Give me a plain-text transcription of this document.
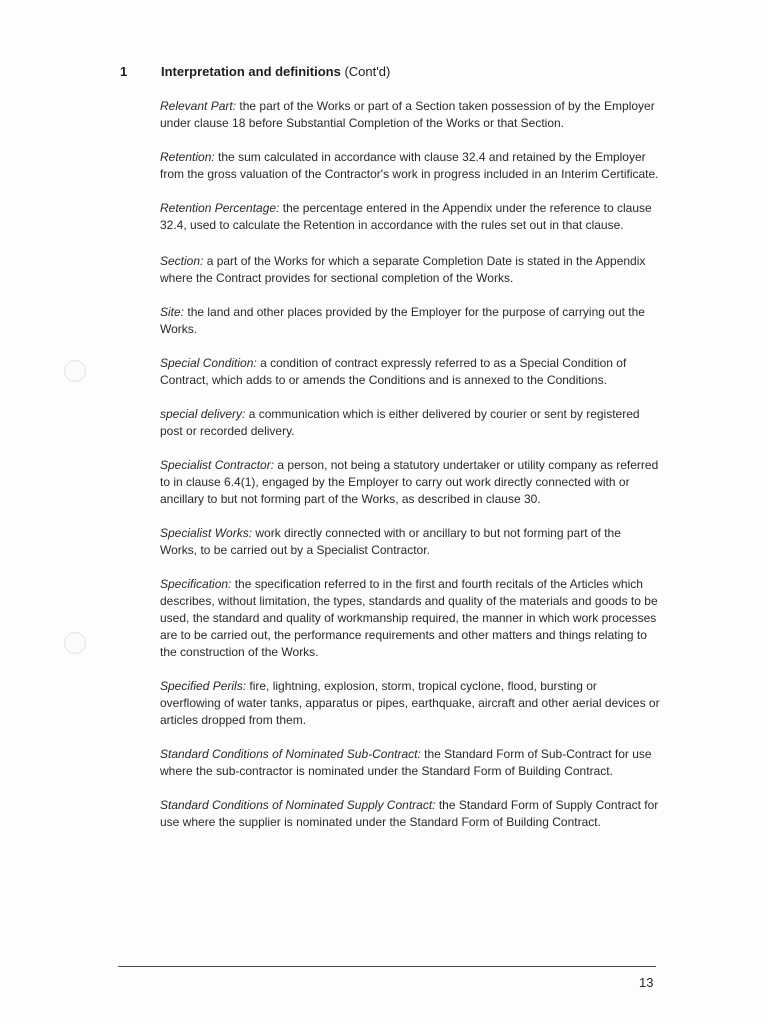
1	Interpretation and definitions (Cont'd)

Relevant Part: the part of the Works or part of a Section taken possession of by the Employer under clause 18 before Substantial Completion of the Works or that Section.

Retention: the sum calculated in accordance with clause 32.4 and retained by the Employer from the gross valuation of the Contractor's work in progress included in an Interim Certificate.

Retention Percentage: the percentage entered in the Appendix under the reference to clause 32.4, used to calculate the Retention in accordance with the rules set out in that clause.

Section: a part of the Works for which a separate Completion Date is stated in the Appendix where the Contract provides for sectional completion of the Works.

Site: the land and other places provided by the Employer for the purpose of carrying out the Works.

Special Condition: a condition of contract expressly referred to as a Special Condition of Contract, which adds to or amends the Conditions and is annexed to the Conditions.

special delivery: a communication which is either delivered by courier or sent by registered post or recorded delivery.

Specialist Contractor: a person, not being a statutory undertaker or utility company as referred to in clause 6.4(1), engaged by the Employer to carry out work directly connected with or ancillary to but not forming part of the Works, as described in clause 30.

Specialist Works: work directly connected with or ancillary to but not forming part of the Works, to be carried out by a Specialist Contractor.

Specification: the specification referred to in the first and fourth recitals of the Articles which describes, without limitation, the types, standards and quality of the materials and goods to be used, the standard and quality of workmanship required, the manner in which work processes are to be carried out, the performance requirements and other matters and things relating to the construction of the Works.

Specified Perils: fire, lightning, explosion, storm, tropical cyclone, flood, bursting or overflowing of water tanks, apparatus or pipes, earthquake, aircraft and other aerial devices or articles dropped from them.

Standard Conditions of Nominated Sub-Contract: the Standard Form of Sub-Contract for use where the sub-contractor is nominated under the Standard Form of Building Contract.

Standard Conditions of Nominated Supply Contract: the Standard Form of Supply Contract for use where the supplier is nominated under the Standard Form of Building Contract.

13
